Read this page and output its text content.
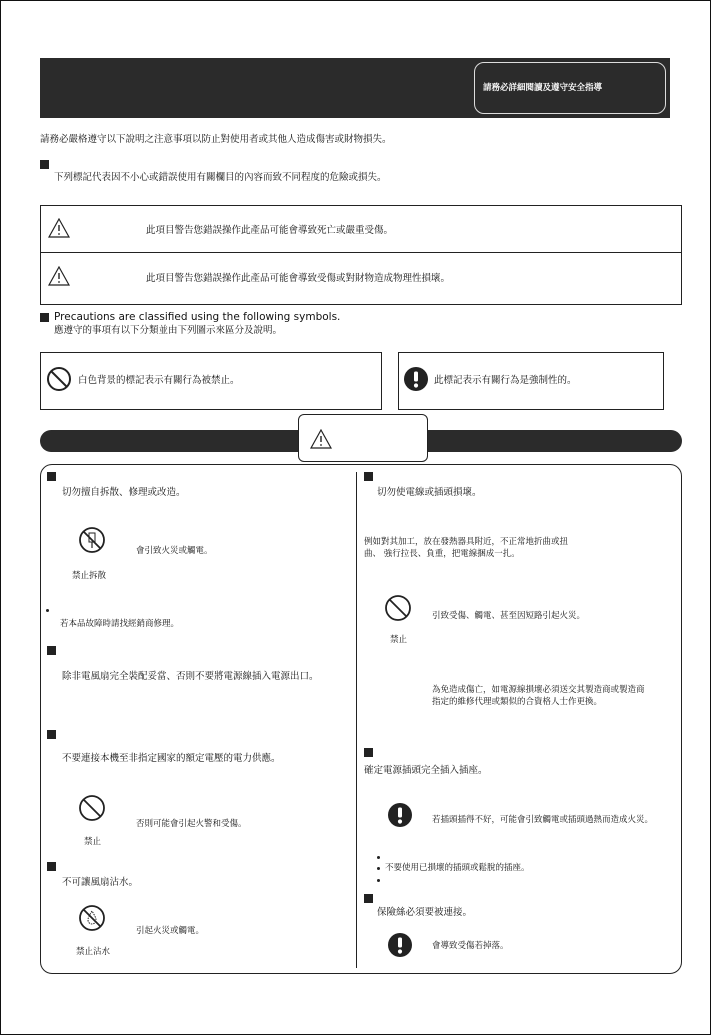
請務必詳細閱讀及遵守安全指導
請務必嚴格遵守以下說明之注意事項以防止對使用者或其他人造成傷害或財物損失。
下列標記代表因不小心或錯誤使用有關欄目的內容而致不同程度的危險或損失。
此項目警告您錯誤操作此產品可能會導致死亡或嚴重受傷。
此項目警告您錯誤操作此產品可能會導致受傷或對財物造成物理性損壞。
Precautions are classified using the following symbols.
應遵守的事項有以下分類並由下列圖示來區分及說明。
白色背景的標記表示有關行為被禁止。	此標記表示有關行為是強制性的。
切勿擅自拆散、修理或改造。
會引致火災或觸電。
禁止拆散
若本品故障時請找經銷商修理。
除非電風扇完全裝配妥當、否則不要將電源線插入電源出口。
不要連接本機至非指定國家的額定電壓的電力供應。
否則可能會引起火警和受傷。
禁止
不可讓風扇沾水。
引起火災或觸電。
禁止沾水
切勿使電線或插頭損壞。
例如對其加工，放在發熱器具附近，不正常地折曲或扭
曲、 強行拉長、負重，把電線捆成一扎。
引致受傷、觸電、甚至因短路引起火災。
禁止
為免造成傷亡，如電源線損壞必須送交其製造商或製造商
指定的維修代理或類似的合資格人士作更換。
確定電源插頭完全插入插座。
若插頭插得不好，可能會引致觸電或插頭過熱而造成火災。
不要使用已損壞的插頭或鬆脫的插座。
保險絲必須要被連接。
會導致受傷若掉落。
